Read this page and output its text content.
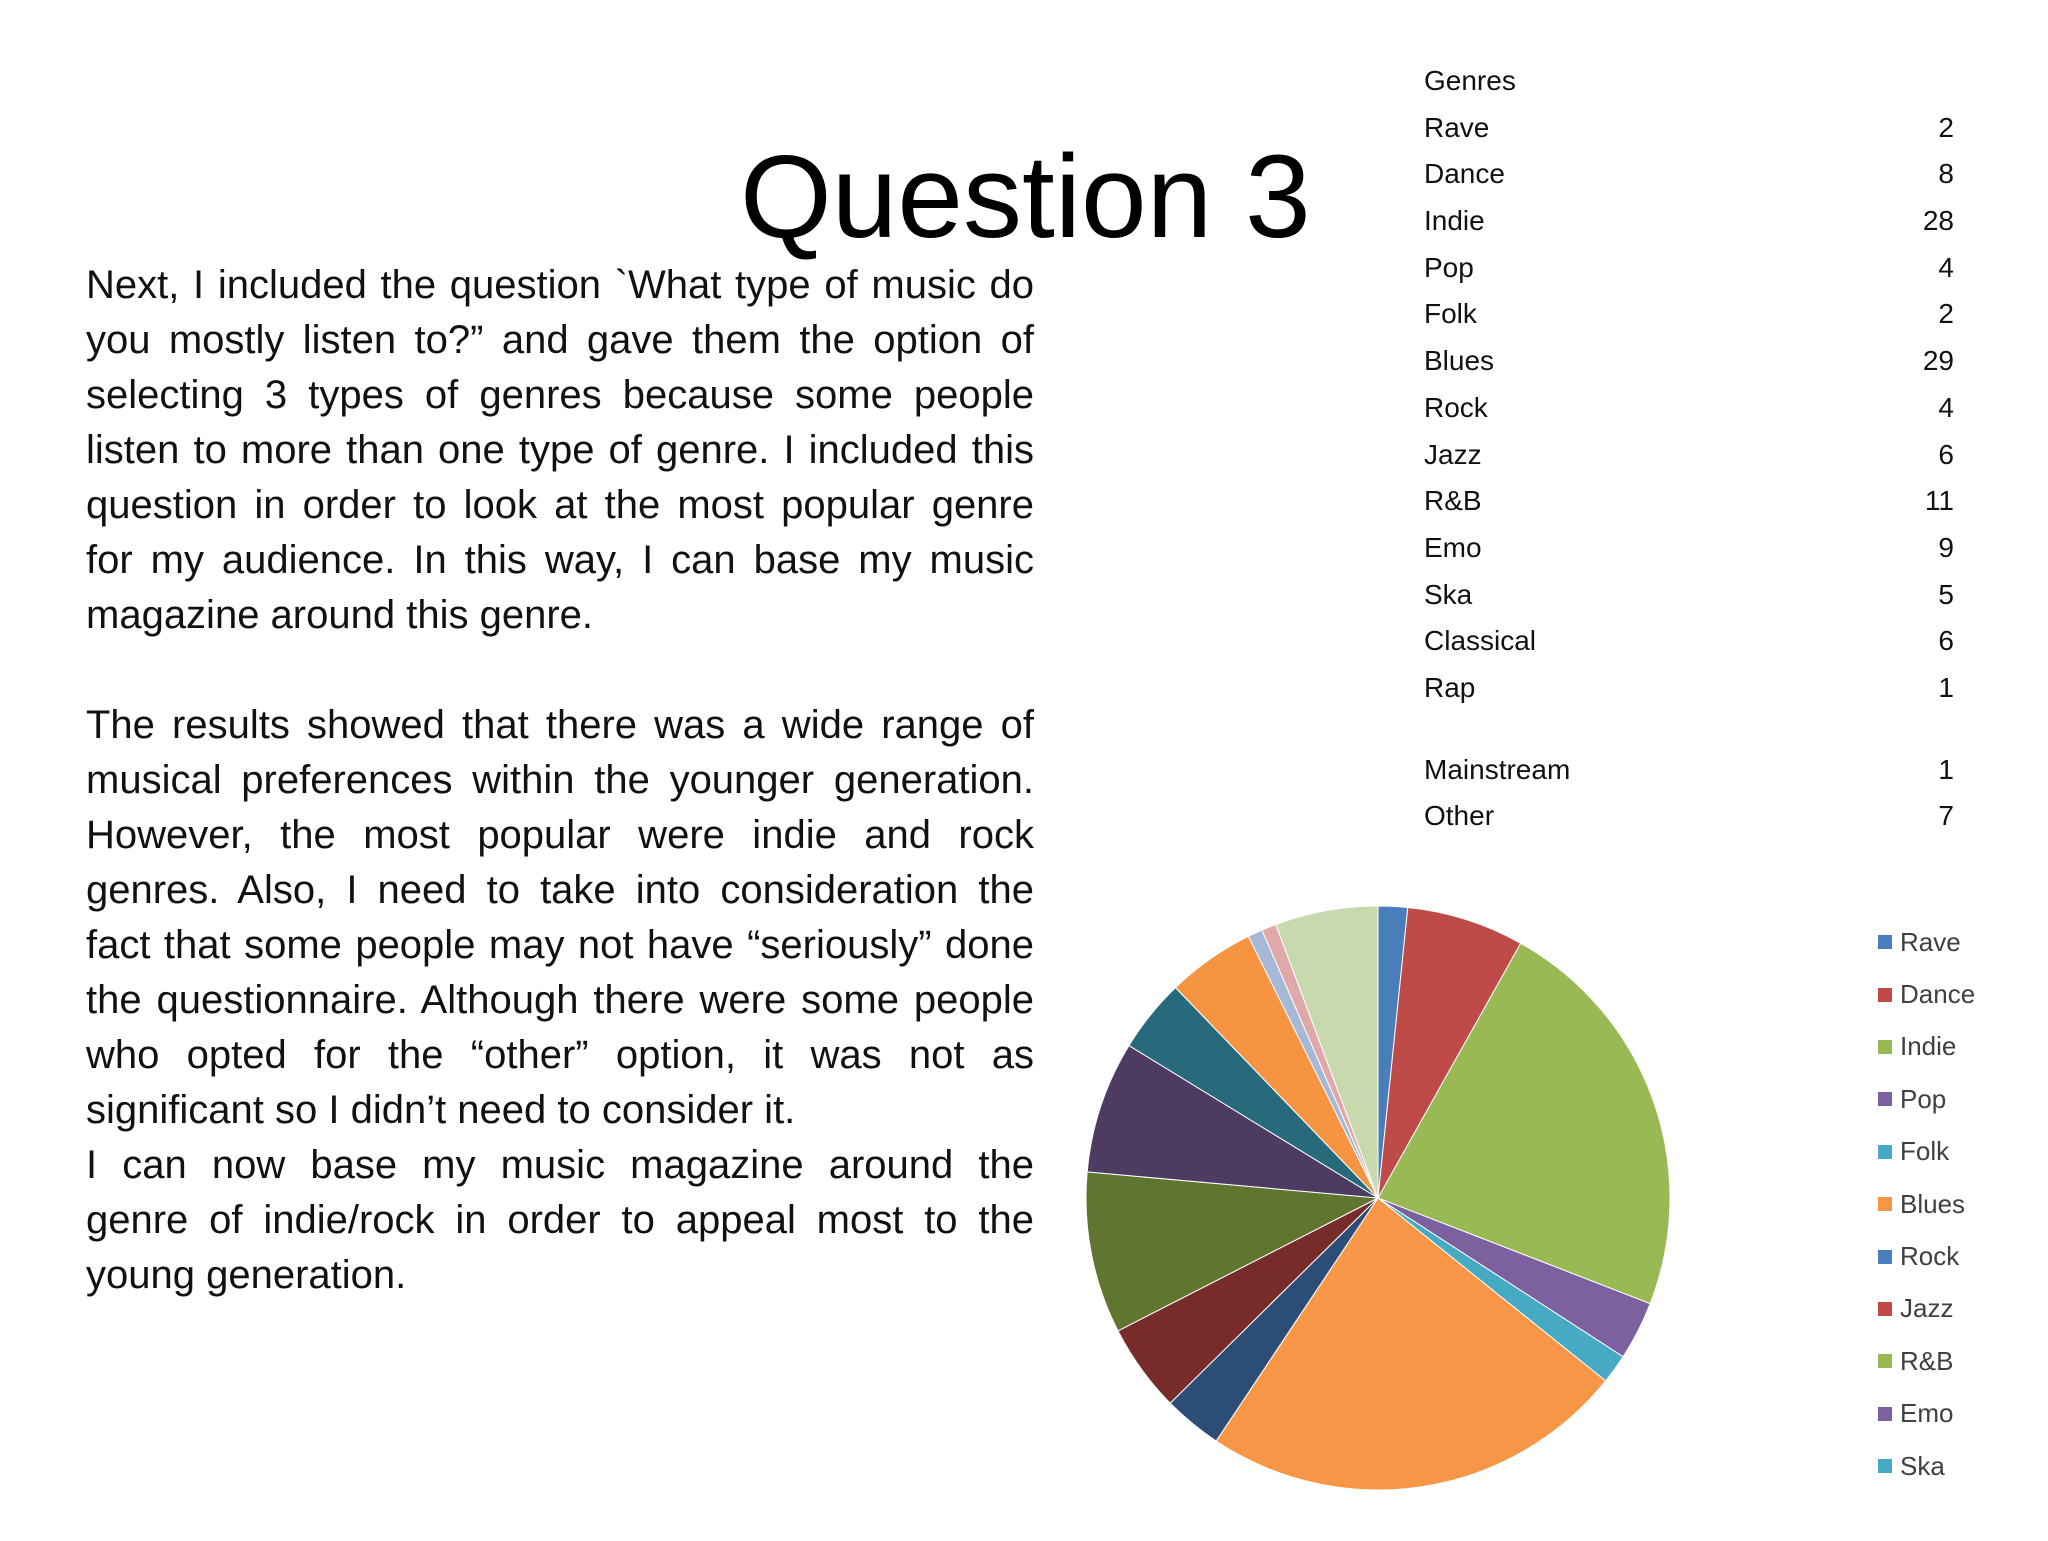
Question 3

Next, I included the question `What type of music do you mostly listen to?” and gave them the option of selecting 3 types of genres because some people listen to more than one type of genre. I included this question in order to look at the most popular genre for my audience. In this way, I can base my music magazine around this genre.

The results showed that there was a wide range of musical preferences within the younger generation. However, the most popular were indie and rock genres. Also, I need to take into consideration the fact that some people may not have “seriously” done the questionnaire. Although there were some people who opted for the “other” option, it was not as significant so I didn’t need to consider it.

I can now base my music magazine around the genre of indie/rock in order to appeal most to the young generation.

Genres
Rave	2
Dance	8
Indie	28
Pop	4
Folk	2
Blues	29
Rock	4
Jazz	6
R&B	11
Emo	9
Ska	5
Classical	6
Rap	1
Mainstream	1
Other	7
Rave
Dance
Indie
Pop
Folk
Blues
Rock
Jazz
R&B
Emo
Ska
